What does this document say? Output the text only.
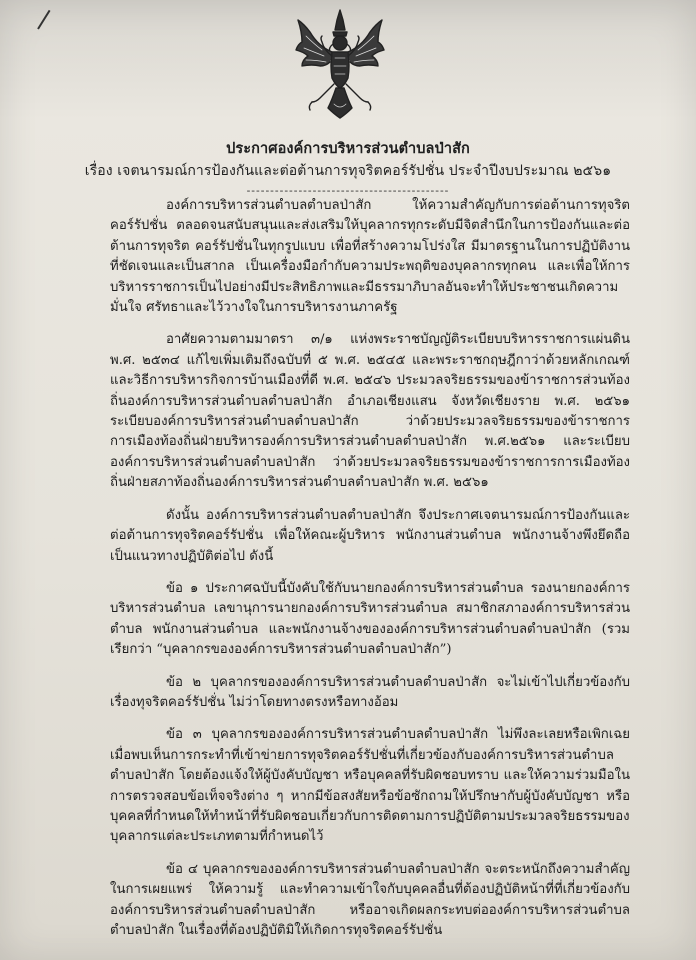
ประกาศองค์การบริหารส่วนตำบลป่าสัก
เรื่อง เจตนารมณ์การป้องกันและต่อต้านการทุจริตคอร์รัปชั่น ประจำปีงบประมาณ ๒๕๖๑
-------------------------------------------

องค์การบริหารส่วนตำบลตำบลป่าสัก ให้ความสำคัญกับการต่อต้านการทุจริตคอร์รัปชั่น ตลอดจนสนับสนุนและส่งเสริมให้บุคลากรทุกระดับมีจิตสำนึกในการป้องกันและต่อต้านการทุจริต คอร์รัปชั่นในทุกรูปแบบ เพื่อที่สร้างความโปร่งใส มีมาตรฐานในการปฏิบัติงานที่ชัดเจนและเป็นสากล เป็นเครื่องมือกำกับความประพฤติของบุคลากรทุกคน และเพื่อให้การบริหารราชการเป็นไปอย่างมีประสิทธิภาพและมีธรรมาภิบาลอันจะทำให้ประชาชนเกิดความมั่นใจ ศรัทธาและไว้วางใจในการบริหารงานภาครัฐ

อาศัยความตามมาตรา ๓/๑ แห่งพระราชบัญญัติระเบียบบริหารราชการแผ่นดิน พ.ศ. ๒๕๓๔ แก้ไขเพิ่มเติมถึงฉบับที่ ๕ พ.ศ. ๒๕๔๕ และพระราชกฤษฎีกาว่าด้วยหลักเกณฑ์และวิธีการบริหารกิจการบ้านเมืองที่ดี พ.ศ. ๒๕๔๖ ประมวลจริยธรรมของข้าราชการส่วนท้องถิ่นองค์การบริหารส่วนตำบลตำบลป่าสัก อำเภอเชียงแสน จังหวัดเชียงราย พ.ศ. ๒๕๖๑ ระเบียบองค์การบริหารส่วนตำบลตำบลป่าสัก ว่าด้วยประมวลจริยธรรมของข้าราชการการเมืองท้องถิ่นฝ่ายบริหารองค์การบริหารส่วนตำบลตำบลป่าสัก พ.ศ.๒๕๖๑ และระเบียบองค์การบริหารส่วนตำบลตำบลป่าสัก ว่าด้วยประมวลจริยธรรมของข้าราชการการเมืองท้องถิ่นฝ่ายสภาท้องถิ่นองค์การบริหารส่วนตำบลตำบลป่าสัก พ.ศ. ๒๕๖๑

ดังนั้น องค์การบริหารส่วนตำบลตำบลป่าสัก จึงประกาศเจตนารมณ์การป้องกันและต่อต้านการทุจริตคอร์รัปชั่น เพื่อให้คณะผู้บริหาร พนักงานส่วนตำบล พนักงานจ้างพึงยึดถือเป็นแนวทางปฏิบัติต่อไป ดังนี้

ข้อ ๑ ประกาศฉบับนี้บังคับใช้กับนายกองค์การบริหารส่วนตำบล รองนายกองค์การบริหารส่วนตำบล เลขานุการนายกองค์การบริหารส่วนตำบล สมาชิกสภาองค์การบริหารส่วนตำบล พนักงานส่วนตำบล และพนักงานจ้างขององค์การบริหารส่วนตำบลตำบลป่าสัก (รวมเรียกว่า “บุคลากรขององค์การบริหารส่วนตำบลตำบลป่าสัก”)

ข้อ ๒ บุคลากรขององค์การบริหารส่วนตำบลตำบลป่าสัก จะไม่เข้าไปเกี่ยวข้องกับเรื่องทุจริตคอร์รัปชั่น ไม่ว่าโดยทางตรงหรือทางอ้อม

ข้อ ๓ บุคลากรขององค์การบริหารส่วนตำบลตำบลป่าสัก ไม่พึงละเลยหรือเพิกเฉย เมื่อพบเห็นการกระทำที่เข้าข่ายการทุจริตคอร์รัปชั่นที่เกี่ยวข้องกับองค์การบริหารส่วนตำบลตำบลป่าสัก โดยต้องแจ้งให้ผู้บังคับบัญชา หรือบุคคลที่รับผิดชอบทราบ และให้ความร่วมมือในการตรวจสอบข้อเท็จจริงต่าง ๆ หากมีข้อสงสัยหรือข้อซักถามให้ปรึกษากับผู้บังคับบัญชา หรือบุคคลที่กำหนดให้ทำหน้าที่รับผิดชอบเกี่ยวกับการติดตามการปฏิบัติตามประมวลจริยธรรมของบุคลากรแต่ละประเภทตามที่กำหนดไว้

ข้อ ๔ บุคลากรขององค์การบริหารส่วนตำบลตำบลป่าสัก จะตระหนักถึงความสำคัญในการเผยแพร่ ให้ความรู้ และทำความเข้าใจกับบุคคลอื่นที่ต้องปฏิบัติหน้าที่ที่เกี่ยวข้องกับองค์การบริหารส่วนตำบลตำบลป่าสัก หรืออาจเกิดผลกระทบต่อองค์การบริหารส่วนตำบลตำบลป่าสัก ในเรื่องที่ต้องปฏิบัติมิให้เกิดการทุจริตคอร์รัปชั่น
